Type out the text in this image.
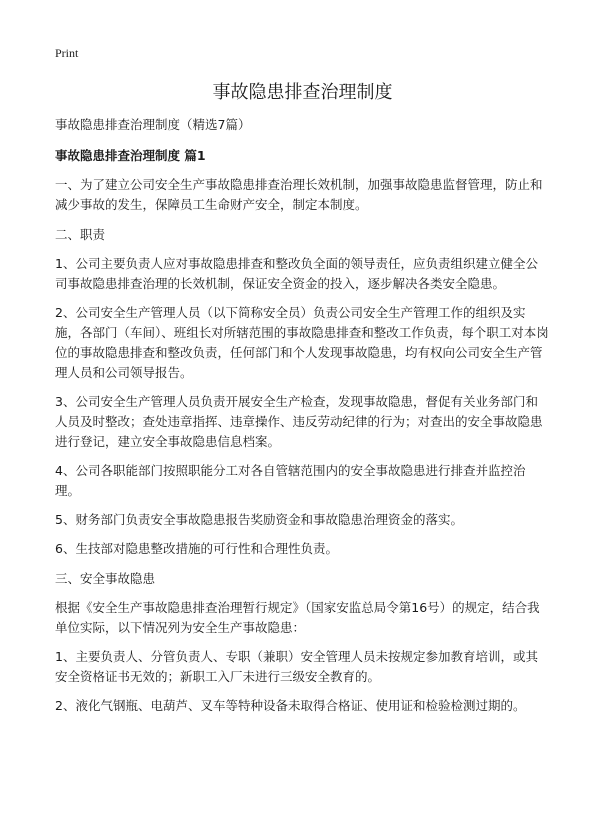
Print
事故隐患排查治理制度

事故隐患排查治理制度（精选7篇）

事故隐患排查治理制度 篇1

一、为了建立公司安全生产事故隐患排查治理长效机制，加强事故隐患监督管理，防止和减少事故的发生，保障员工生命财产安全，制定本制度。

二、职责

1、公司主要负责人应对事故隐患排查和整改负全面的领导责任，应负责组织建立健全公司事故隐患排查治理的长效机制，保证安全资金的投入，逐步解决各类安全隐患。

2、公司安全生产管理人员（以下简称安全员）负责公司安全生产管理工作的组织及实施，各部门（车间）、班组长对所辖范围的事故隐患排查和整改工作负责，每个职工对本岗位的事故隐患排查和整改负责，任何部门和个人发现事故隐患，均有权向公司安全生产管理人员和公司领导报告。

3、公司安全生产管理人员负责开展安全生产检查，发现事故隐患，督促有关业务部门和人员及时整改；查处违章指挥、违章操作、违反劳动纪律的行为；对查出的安全事故隐患进行登记，建立安全事故隐患信息档案。

4、公司各职能部门按照职能分工对各自管辖范围内的安全事故隐患进行排查并监控治理。

5、财务部门负责安全事故隐患报告奖励资金和事故隐患治理资金的落实。

6、生技部对隐患整改措施的可行性和合理性负责。

三、安全事故隐患

根据《安全生产事故隐患排查治理暂行规定》（国家安监总局令第16号）的规定，结合我单位实际，以下情况列为安全生产事故隐患：

1、主要负责人、分管负责人、专职（兼职）安全管理人员未按规定参加教育培训，或其安全资格证书无效的；新职工入厂未进行三级安全教育的。

2、液化气钢瓶、电葫芦、叉车等特种设备未取得合格证、使用证和检验检测过期的。
